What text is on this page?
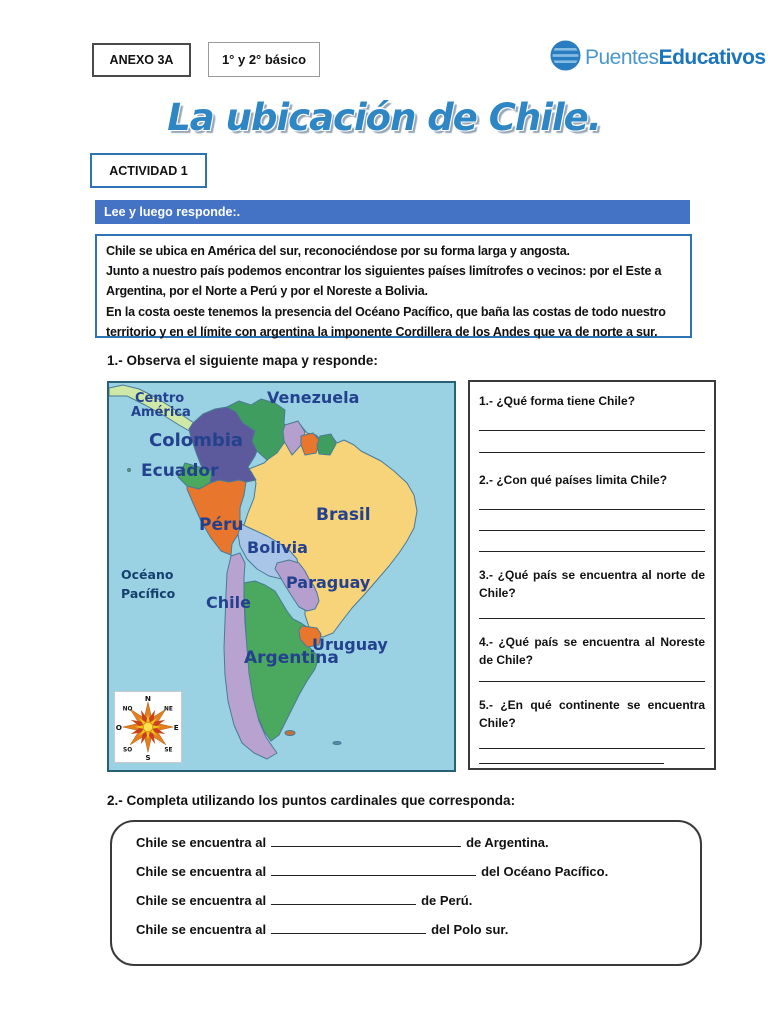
ANEXO 3A	1° y 2° básico	PuentesEducativos
La ubicación de Chile.
ACTIVIDAD 1
Lee y luego responde:.

Chile se ubica en América del sur, reconociéndose por su forma larga y angosta.

Junto a nuestro país podemos encontrar los siguientes países limítrofes o vecinos: por el Este a Argentina, por el Norte a Perú y por el Noreste a Bolivia.

En la costa oeste tenemos la presencia del Océano Pacífico, que baña las costas de todo nuestro territorio y en el límite con argentina la imponente Cordillera de los Andes que va de norte a sur.

1.- Observa el siguiente mapa y responde:
Centro
América
Venezuela
Colombia
Ecuador
Péru	Brasil
Bolivia
Paraguay
Chile
Argentina
Uruguay
Océano
Pacífico
N
S
O	E
NO	NE
SO	SE
1.- ¿Qué forma tiene Chile?
2.- ¿Con qué países limita Chile?
3.- ¿Qué país se encuentra al norte de Chile?
4.- ¿Qué país se encuentra al Noreste de Chile?
5.- ¿En qué continente se encuentra Chile?
2.- Completa utilizando los puntos cardinales que corresponda:
Chile se encuentra al	de Argentina.
Chile se encuentra al	del Océano Pacífico.
Chile se encuentra al	de Perú.
Chile se encuentra al	del Polo sur.
